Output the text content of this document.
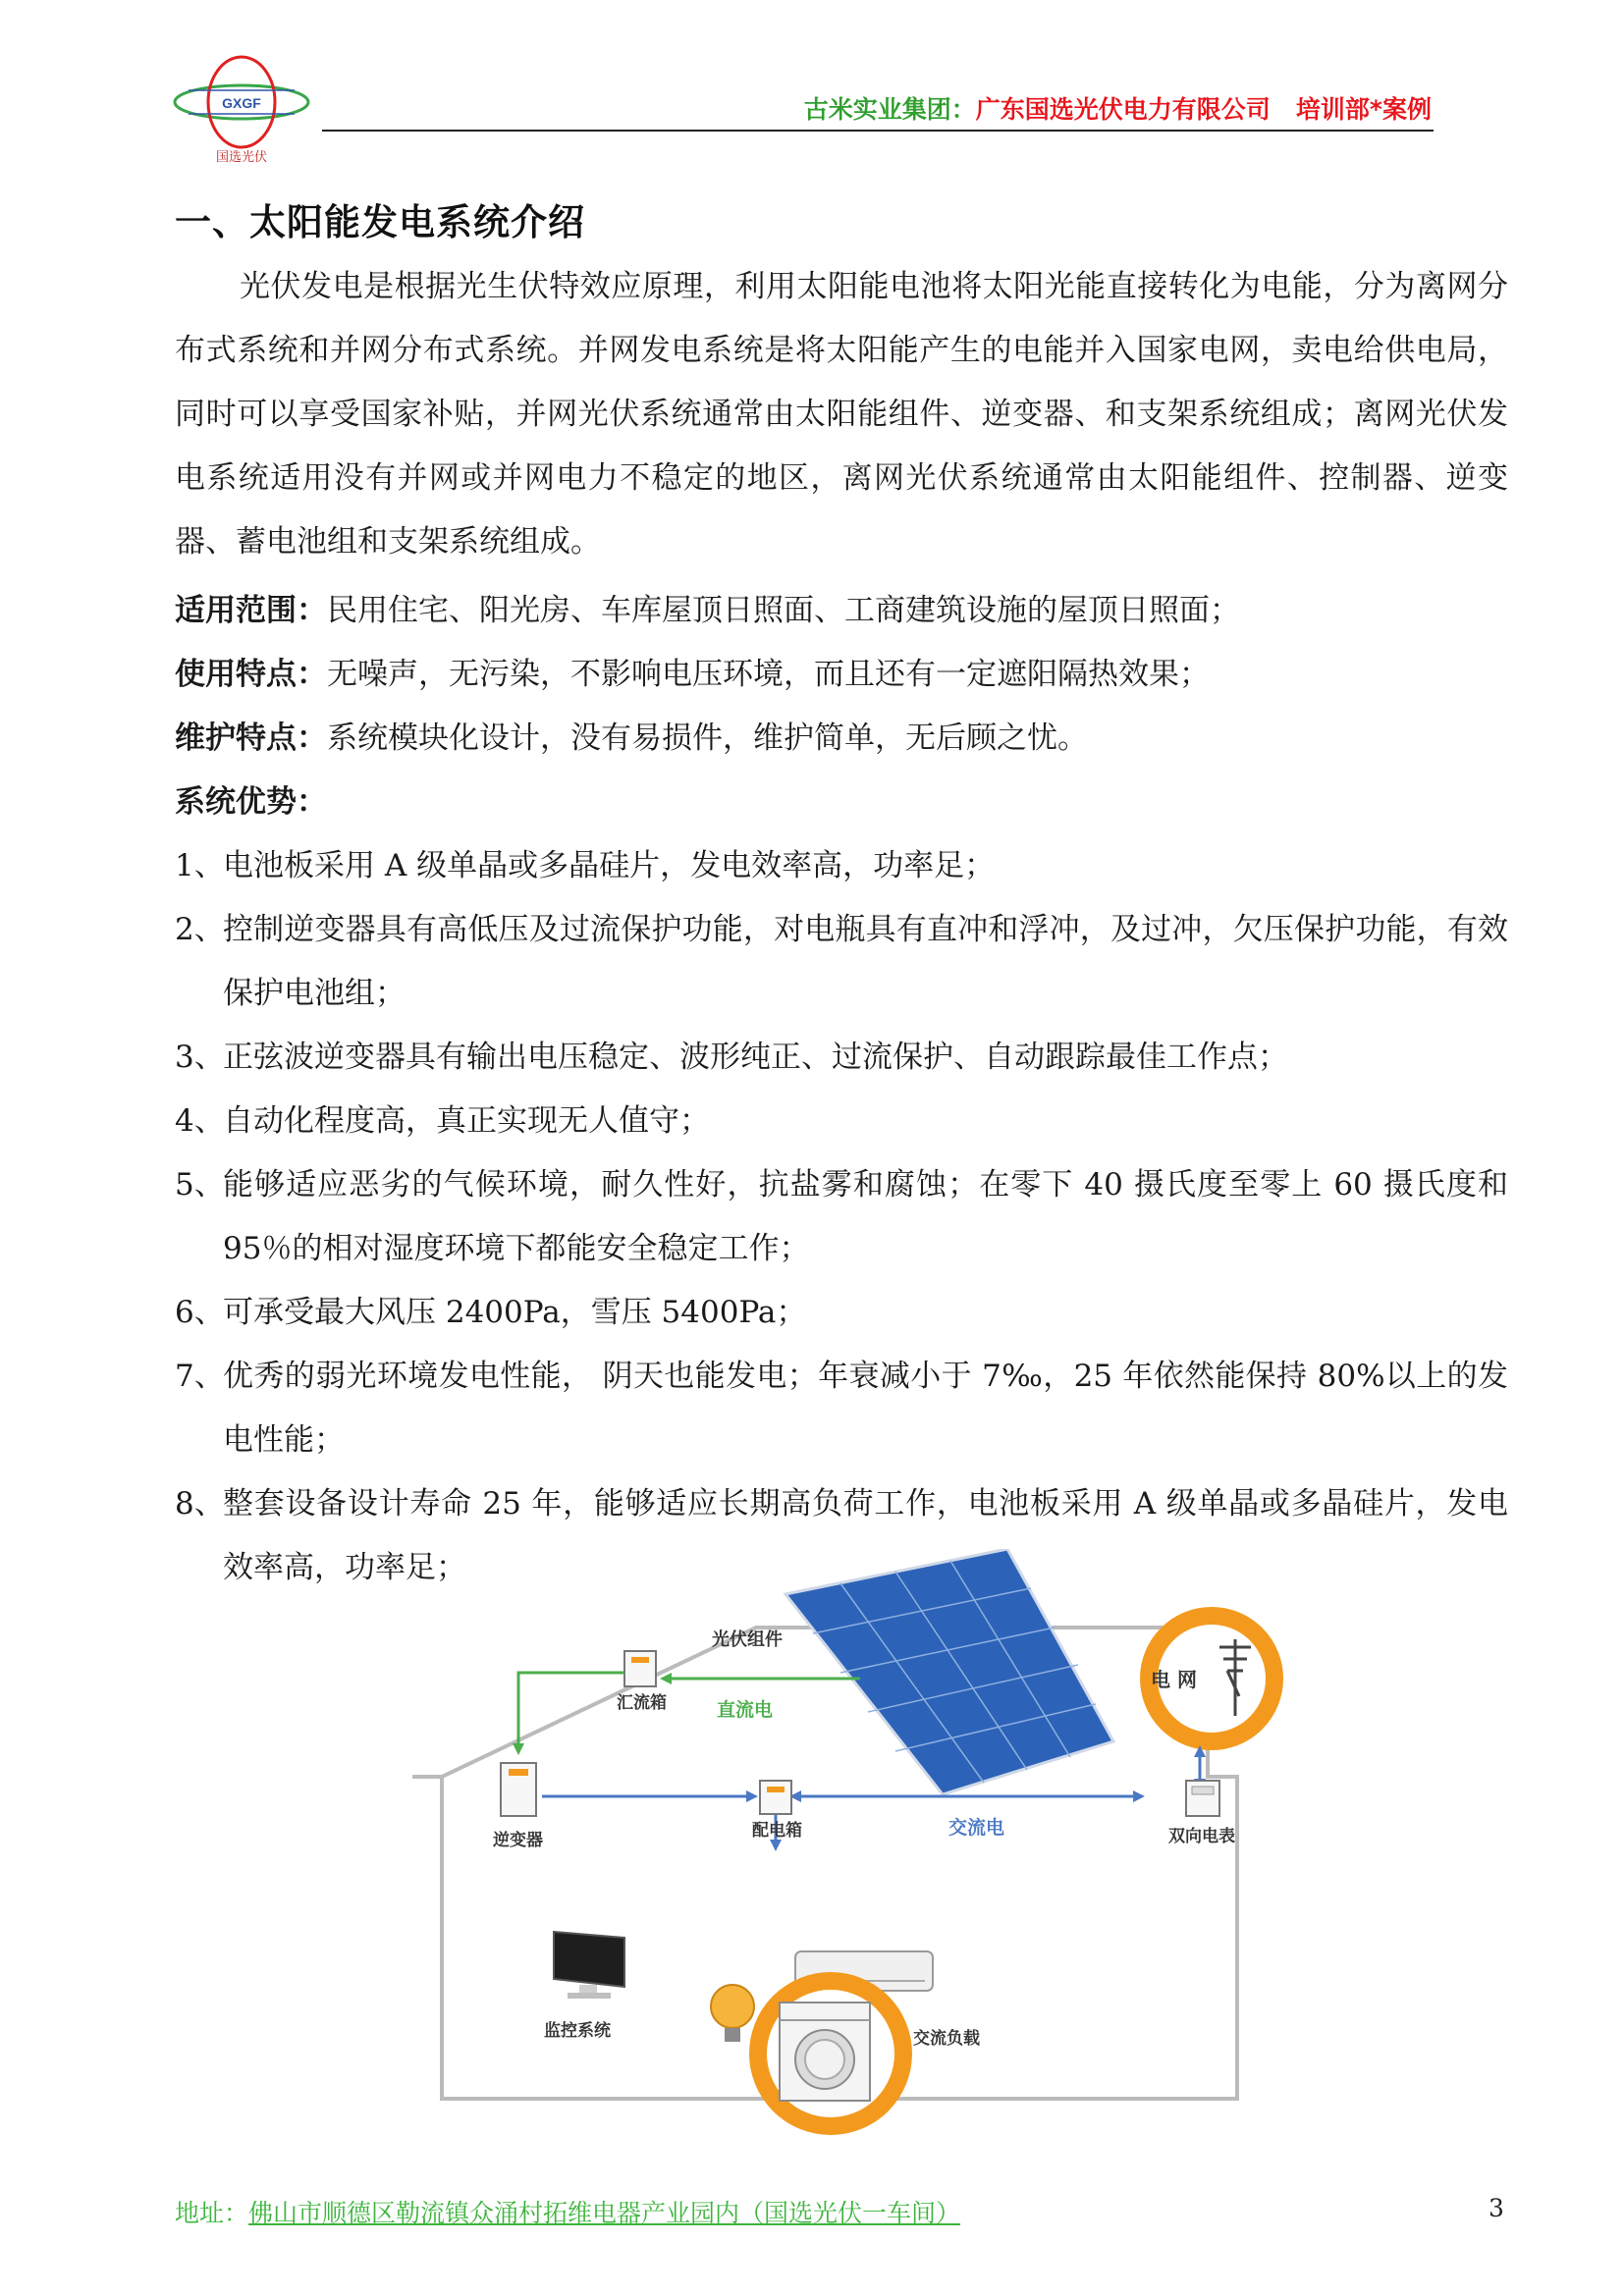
GXGF
国选光伏
古米实业集团：广东国选光伏电力有限公司 培训部*案例
一、太阳能发电系统介绍
光伏发电是根据光生伏特效应原理，利用太阳能电池将太阳光能直接转化为电能，分为离网分布式系统和并网分布式系统。并网发电系统是将太阳能产生的电能并入国家电网，卖电给供电局，同时可以享受国家补贴，并网光伏系统通常由太阳能组件、逆变器、和支架系统组成；离网光伏发电系统适用没有并网或并网电力不稳定的地区，离网光伏系统通常由太阳能组件、控制器、逆变器、蓄电池组和支架系统组成。
适用范围：民用住宅、阳光房、车库屋顶日照面、工商建筑设施的屋顶日照面；
使用特点：无噪声，无污染，不影响电压环境，而且还有一定遮阳隔热效果；
维护特点：系统模块化设计，没有易损件，维护简单，无后顾之忧。
系统优势：
1、
电池板采用 A 级单晶或多晶硅片，发电效率高，功率足；
2、
控制逆变器具有高低压及过流保护功能，对电瓶具有直冲和浮冲，及过冲，欠压保护功能，有效保护电池组；
3、
正弦波逆变器具有输出电压稳定、波形纯正、过流保护、自动跟踪最佳工作点；
4、
自动化程度高，真正实现无人值守；
5、
能够适应恶劣的气候环境，耐久性好，抗盐雾和腐蚀；在零下 40 摄氏度至零上 60 摄氏度和 95％的相对湿度环境下都能安全稳定工作；
6、
可承受最大风压 2400Pa，雪压 5400Pa；
7、
优秀的弱光环境发电性能， 阴天也能发电；年衰减小于 7‰，25 年依然能保持 80%以上的发电性能；
8、
整套设备设计寿命 25 年，能够适应长期高负荷工作，电池板采用 A 级单晶或多晶硅片，发电效率高，功率足；
电 网
光伏组件
汇流箱	直流电
逆变器
交流电
配电箱	双向电表
监控系统	交流负载
地址：佛山市顺德区勒流镇众涌村拓维电器产业园内（国选光伏一车间）	3
